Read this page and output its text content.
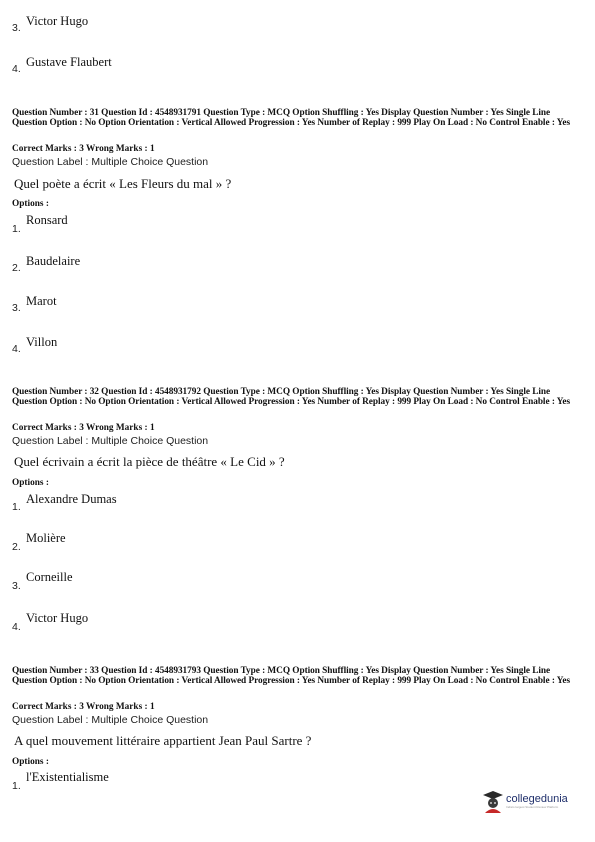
3. Victor Hugo
4. Gustave Flaubert
Question Number : 31 Question Id : 4548931791 Question Type : MCQ Option Shuffling : Yes Display Question Number : Yes Single Line Question Option : No Option Orientation : Vertical Allowed Progression : Yes Number of Replay : 999 Play On Load : No Control Enable : Yes
Correct Marks : 3 Wrong Marks : 1
Question Label : Multiple Choice Question
Quel poète a écrit « Les Fleurs du mal » ?
Options :
1.
Ronsard
2. Baudelaire
3. Marot
4. Villon
Question Number : 32 Question Id : 4548931792 Question Type : MCQ Option Shuffling : Yes Display Question Number : Yes Single Line Question Option : No Option Orientation : Vertical Allowed Progression : Yes Number of Replay : 999 Play On Load : No Control Enable : Yes
Correct Marks : 3 Wrong Marks : 1
Question Label : Multiple Choice Question
Quel écrivain a écrit la pièce de théâtre « Le Cid » ?
Options :
1.
Alexandre Dumas
2.
Molière
3.
Corneille
4.
Victor Hugo
Question Number : 33 Question Id : 4548931793 Question Type : MCQ Option Shuffling : Yes Display Question Number : Yes Single Line Question Option : No Option Orientation : Vertical Allowed Progression : Yes Number of Replay : 999 Play On Load : No Control Enable : Yes
Correct Marks : 3 Wrong Marks : 1
Question Label : Multiple Choice Question
A quel mouvement littéraire appartient Jean Paul Sartre ?
Options :
1.
l'Existentialisme
collegedunia
India's largest Student Review Platform
